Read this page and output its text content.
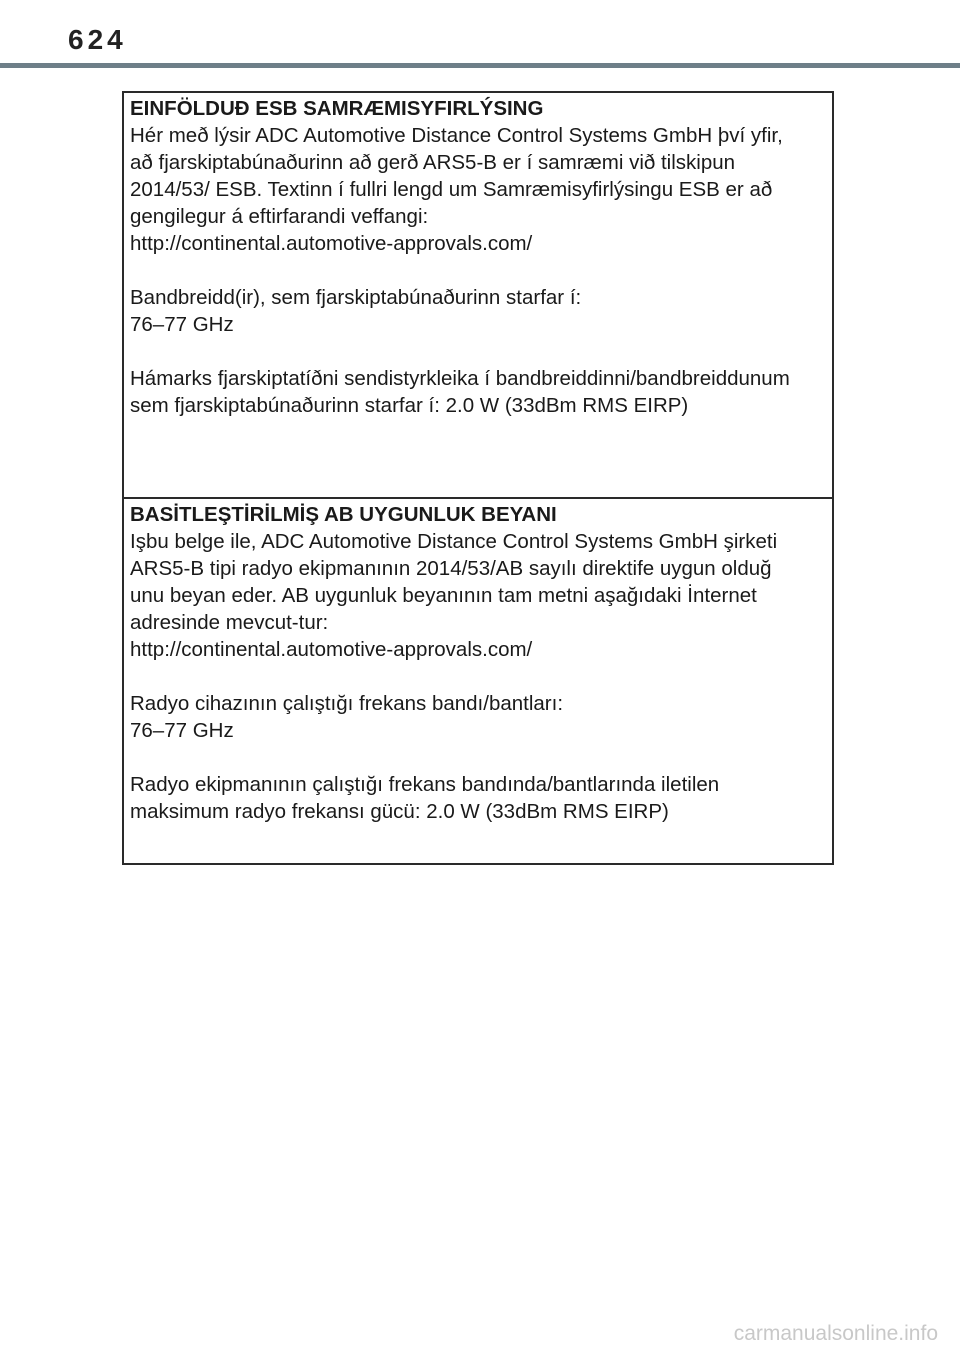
624
EINFÖLDUÐ ESB SAMRÆMISYFIRLÝSING
Hér með lýsir ADC Automotive Distance Control Systems GmbH því yfir,
að fjarskiptabúnaðurinn að gerð ARS5-B er í samræmi við tilskipun
2014/53/ ESB. Textinn í fullri lengd um Samræmisyfirlýsingu ESB er að
gengilegur á eftirfarandi veffangi:
http://continental.automotive-approvals.com/
Bandbreidd(ir), sem fjarskiptabúnaðurinn starfar í:
76–77 GHz
Hámarks fjarskiptatíðni sendistyrkleika í bandbreiddinni/bandbreiddunum
sem fjarskiptabúnaðurinn starfar í: 2.0 W (33dBm RMS EIRP)
BASİTLEŞTİRİLMİŞ AB UYGUNLUK BEYANI
Işbu belge ile, ADC Automotive Distance Control Systems GmbH şirketi
ARS5-B tipi radyo ekipmanının 2014/53/AB sayılı direktife uygun olduğ
unu beyan eder. AB uygunluk beyanının tam metni aşağıdaki İnternet
adresinde mevcut-tur:
http://continental.automotive-approvals.com/
Radyo cihazının çalıştığı frekans bandı/bantları:
76–77 GHz
Radyo ekipmanının çalıştığı frekans bandında/bantlarında iletilen
maksimum radyo frekansı gücü: 2.0 W (33dBm RMS EIRP)
carmanualsonline.info
